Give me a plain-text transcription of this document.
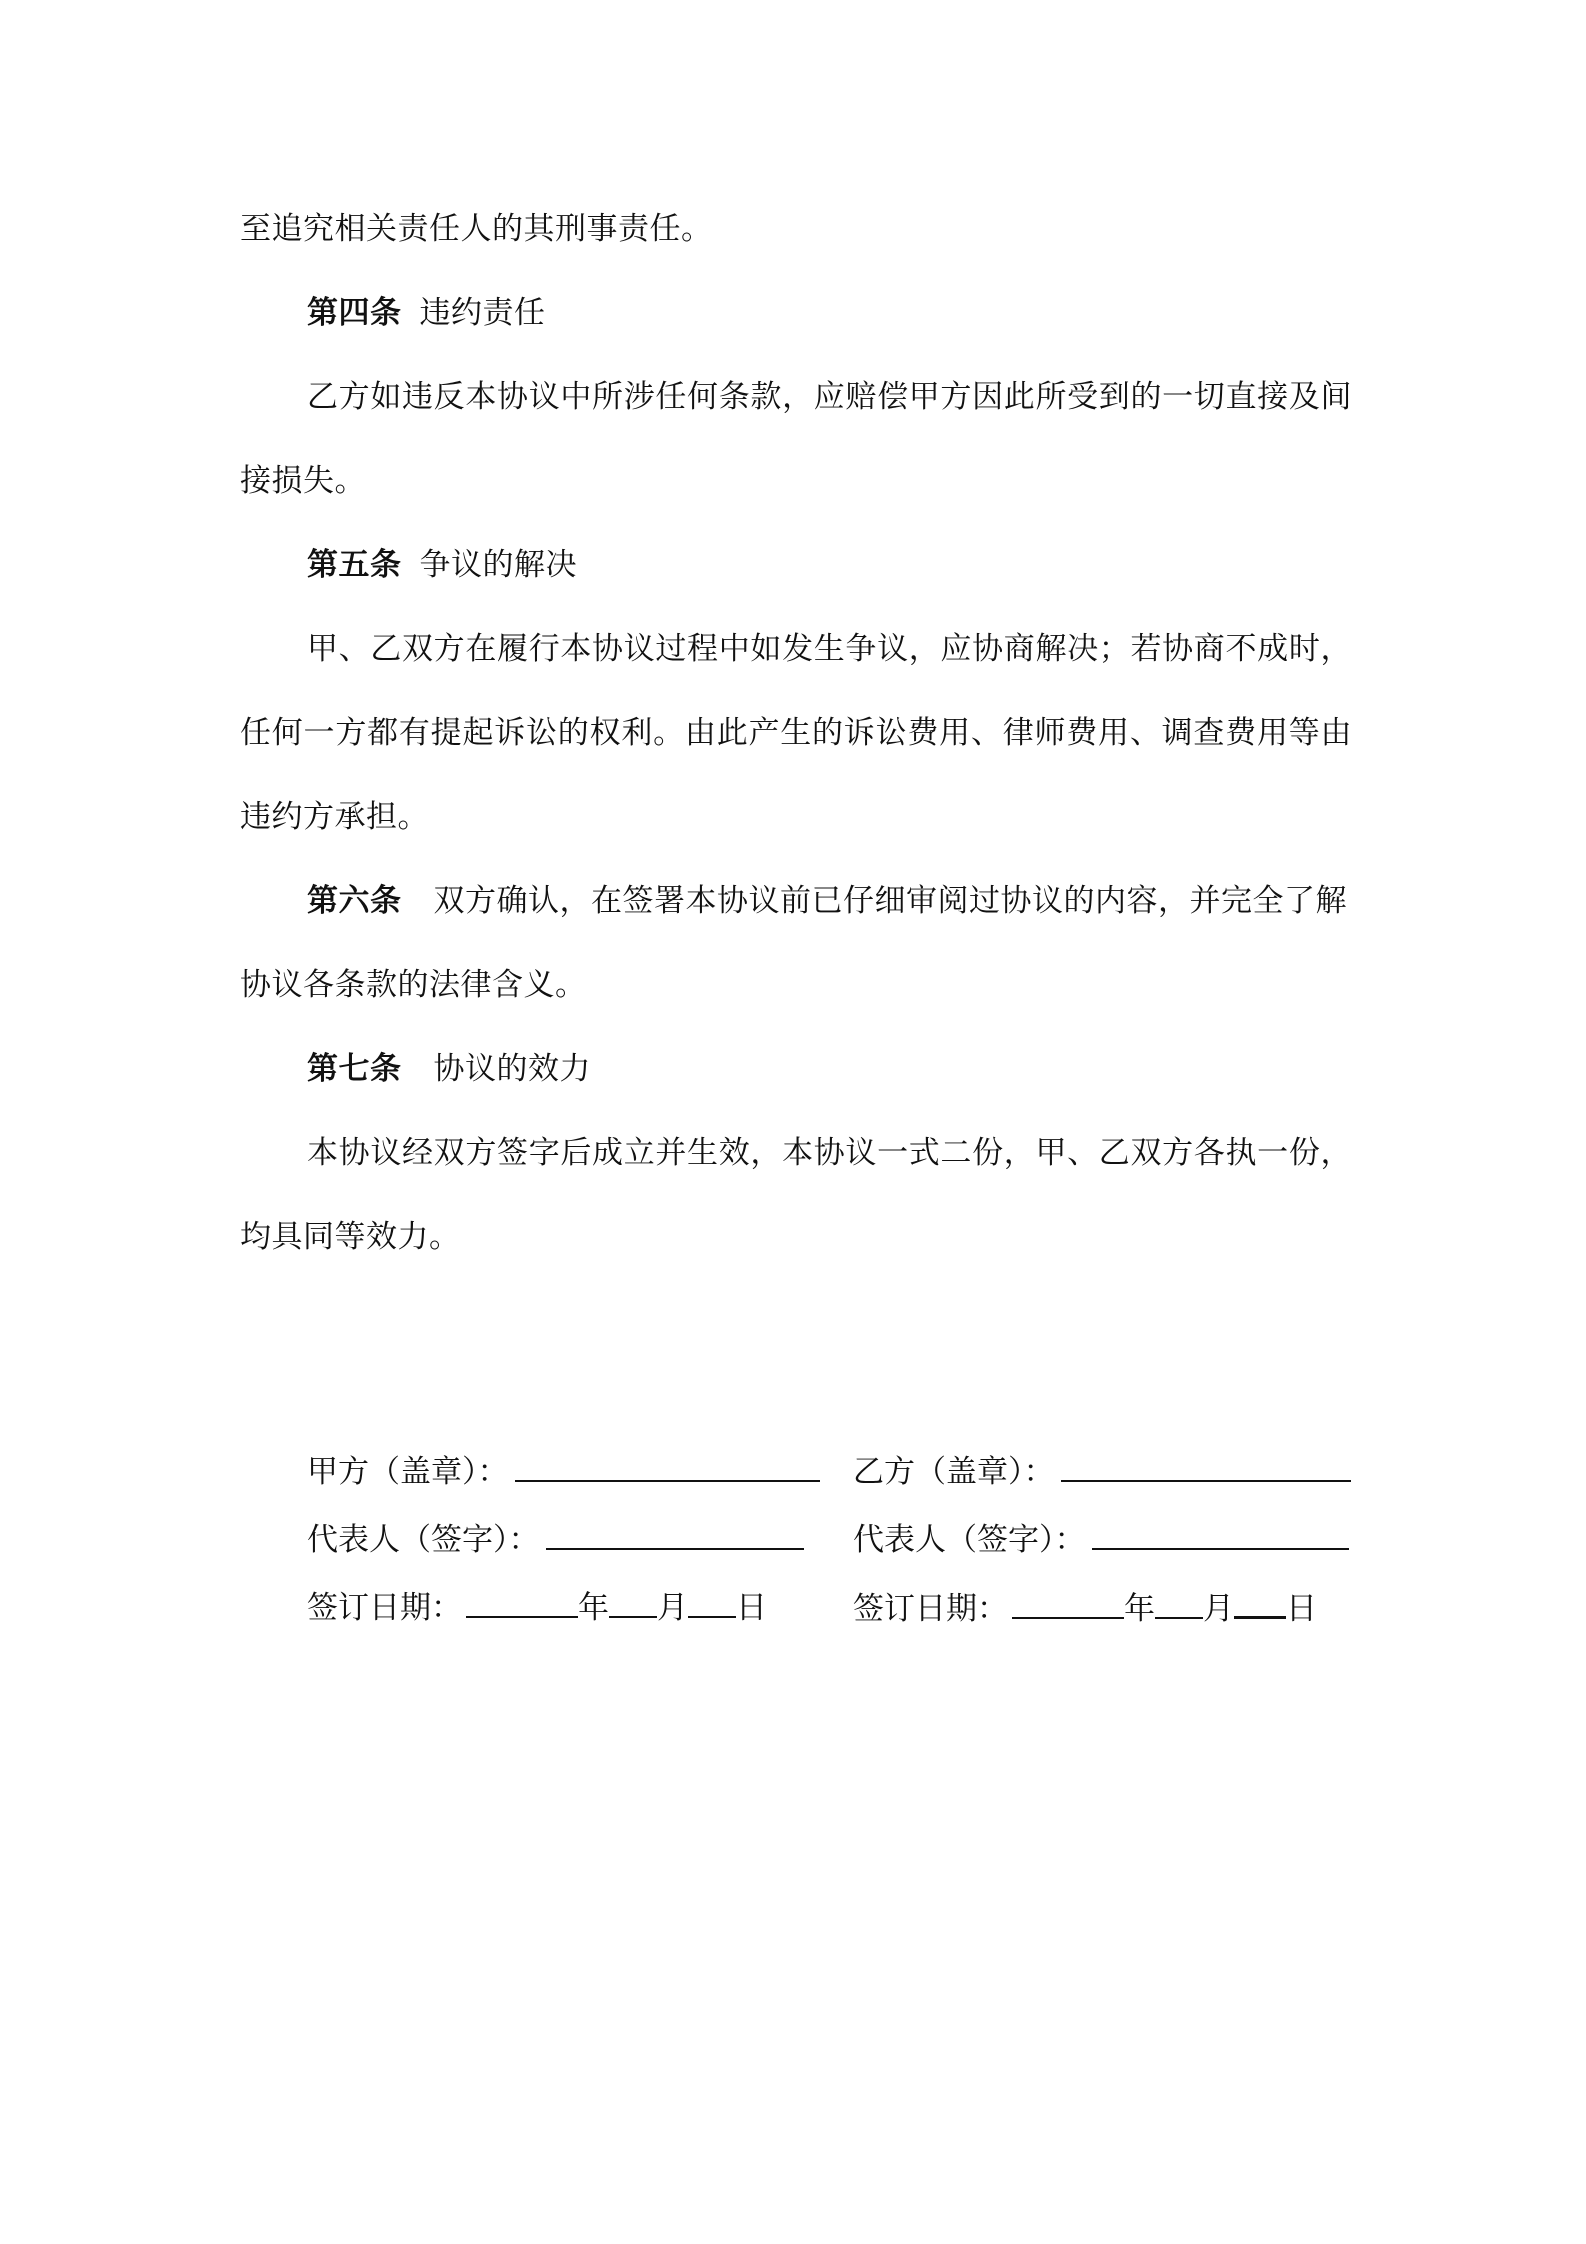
至追究相关责任人的其刑事责任。
第四条 违约责任
乙方如违反本协议中所涉任何条款，应赔偿甲方因此所受到的一切直接及间
接损失。
第五条 争议的解决
甲、乙双方在履行本协议过程中如发生争议，应协商解决；若协商不成时，
任何一方都有提起诉讼的权利。由此产生的诉讼费用、律师费用、调查费用等由
违约方承担。
第六条 双方确认，在签署本协议前已仔细审阅过协议的内容，并完全了解
协议各条款的法律含义。
第七条 协议的效力
本协议经双方签字后成立并生效，本协议一式二份，甲、乙双方各执一份，
均具同等效力。
甲方（盖章）：	乙方（盖章）：
代表人（签字）：	代表人（签字）：
签订日期：	年 月 日	签订日期：	年 月 日
